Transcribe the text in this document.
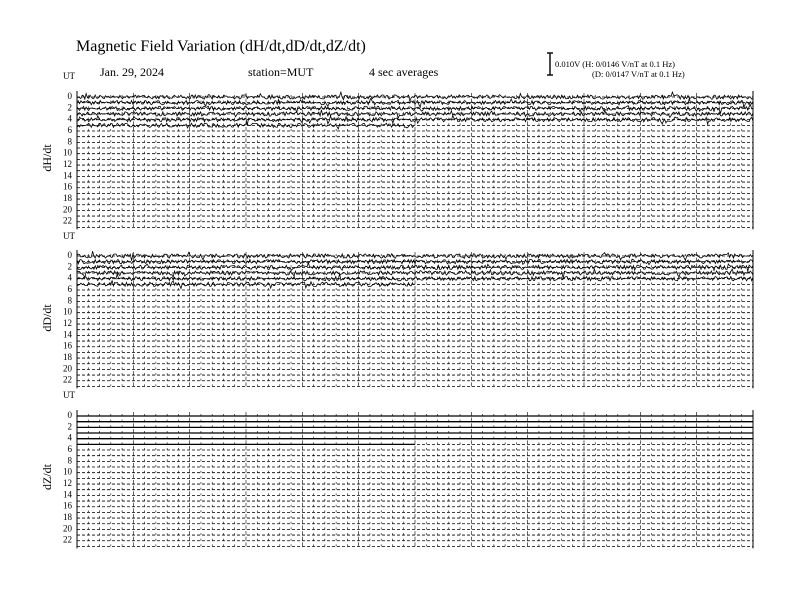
Magnetic Field Variation (dH/dt,dD/dt,dZ/dt)
Jan. 29, 2024	station=MUT	4 sec averages
0.010V (H: 0/0146 V/nT at 0.1 Hz)
(D: 0/0147 V/nT at 0.1 Hz)
UT
dH/dt
0
2
4
6
8
10
12
14
16
18
20
22
UT
dD/dt
0
2
4
6
8
10
12
14
16
18
20
22
UT
dZ/dt
0
2
4
6
8
10
12
14
16
18
20
22
